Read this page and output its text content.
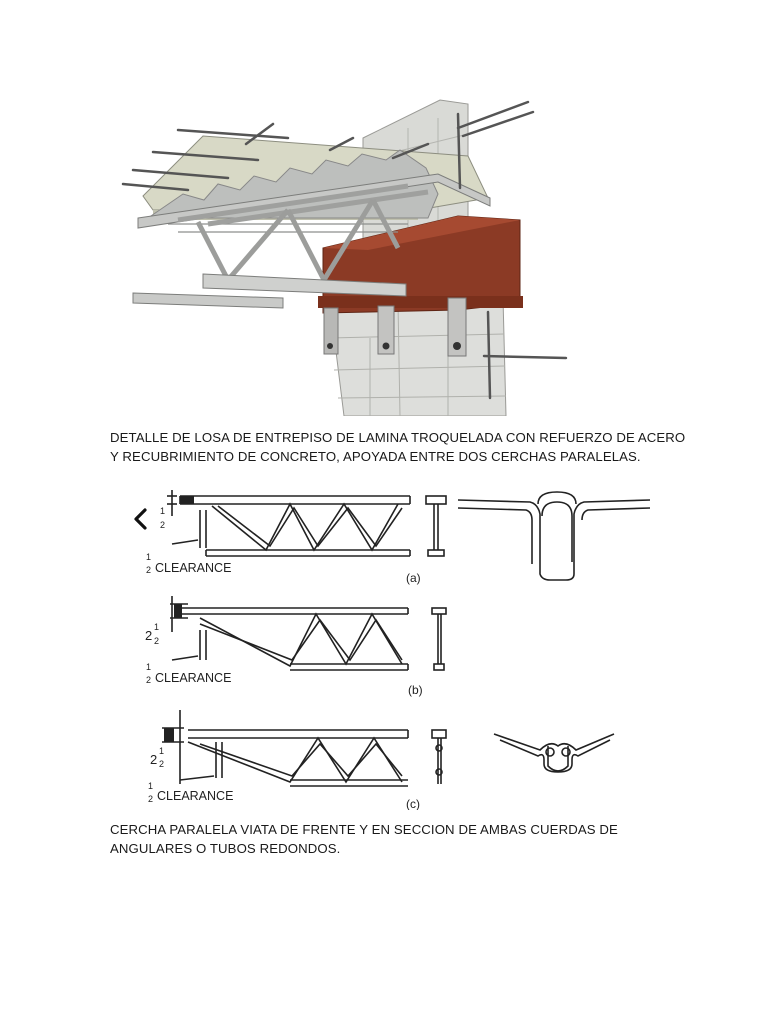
DETALLE DE LOSA DE ENTREPISO DE LAMINA TROQUELADA CON REFUERZO DE ACERO
Y RECUBRIMIENTO DE CONCRETO, APOYADA ENTRE DOS CERCHAS PARALELAS.

1
2
1
2 CLEARANCE
(a)
2
1
2
1
2 CLEARANCE
(b)
2
1
2
1
2 CLEARANCE
(c)

CERCHA PARALELA VIATA DE FRENTE Y EN SECCION DE AMBAS CUERDAS DE
ANGULARES O TUBOS REDONDOS.
